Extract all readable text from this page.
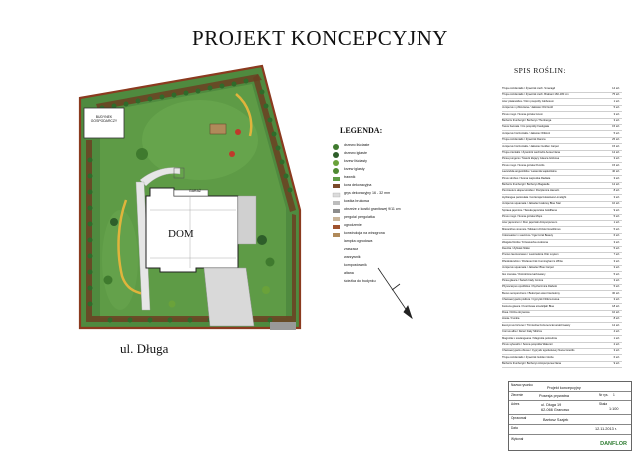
PROJEKT KONCEPCYJNY
BUDYNEK GOSPODARCZY
GARAŻ
DOM
ul. Długa
LEGENDA:
drzewo liściaste
drzewo iglaste
krzew liściasty
krzew iglasty
trawnik
kora dekoracyjna
grys dekoracyjny 16 - 32 mm
kostka brukowa
obrzeże z kostki granitowej 9/11 cm
pergola/ pergolatka
ogrodzenie
konstrukcja na winogrona
lampka ogrodowa
zraszacz
warzywnik
kompostownik
altana
ścieżka do budynku
SPIS ROŚLIN:
Thuja occidentalis / Żywotnik zach. Smaragd	14 szt.
Thuja occidentalis / Żywotnik zach. Brabant 160-180 cm	75 szt.
Acer platanoides / Klon pospolity Globosum	1 szt.
Juniperus x pfitzeriana / Jałowiec Old Gold	5 szt.
Pinus mugo / Sosna górska Gnom	3 szt.
Berberis thunbergii / Berberys Thunberga	3 szt.
Taxus baccata / Cis pospolity Fastigiata	15 szt.
Juniperus horizontalis / Jałowiec Wiltonii	5 szt.
Thuja occidentalis / Żywotnik Danica	25 szt.
Juniperus horizontalis / Jałowiec Golden Carpet	15 szt.
Thuja orientalis / Żywotnik wschodni Aurea Nana	12 szt.
Picea pungens / Świerk kłujący Glauca Globosa	3 szt.
Pinus mugo / Sosna górska Pumilio	15 szt.
Lavandula angustifolia / Lawenda wąskolistna	40 szt.
Pinus strobus / Sosna wejmutka Radiata	3 szt.
Berberis thunbergii / Berberys Bagatelle	12 szt.
Pennisetum alopecuroides / Rozplenica Hameln	8 szt.
Hydrangea paniculata / Hortensja bukietowa Limelight	3 szt.
Juniperus squamata / Jałowiec łuskowy Blue Star	10 szt.
Spiraea japonica / Tawuła japońska Goldflame	9 szt.
Pinus mugo / Sosna górska Mops	5 szt.
Acer japonicum / Klon japoński Atropurpureum	1 szt.
Miscanthus sinensis / Miskant chiński Gracillimus	5 szt.
Cotoneaster x suecicus / Irga Coral Beauty	6 szt.
Weigela florida / Krzewuszka cudowna	3 szt.
Deutzia / Żylistek Nikko	5 szt.
Prunus laurocerasus / Laurowiśnia Otto Luyken	7 szt.
Rhododendron / Różanecznik Cunningham's White	3 szt.
Juniperus squamata / Jałowiec Blue Carpet	3 szt.
Ilex crenata / Ostrokrzew karbowany	5 szt.
Picea glauca / Świerk biały Conica	3 szt.
Physocarpus opulifolius / Pęcherznica Diabolo	5 szt.
Buxus sempervirens / Bukszpan wieczniezielony	30 szt.
Chamaecyparis pisifera / Cyprysik Filifera Aurea	3 szt.
Festuca glauca / Kostrzewa sina Elijah Blue	18 szt.
Rosa / Róża okrywowa	10 szt.
Hosta / Funkia	8 szt.
Euonymus fortunei / Trzmielina Fortune'a Emerald Gaiety	12 szt.
Cornus alba / Dereń biały Sibirica	4 szt.
Magnolia x soulangeana / Magnolia pośrednia	1 szt.
Pinus sylvestris / Sosna pospolita Watereri	2 szt.
Chamaecyparis obtusa / Cyprysik tępołuskowy Nana Gracilis	3 szt.
Thuja occidentalis / Żywotnik Golden Globe	6 szt.
Berberis thunbergii / Berberys Atropurpurea Nana	9 szt.
Nazwa rysunku
Projekt koncepcyjny
Zlecenie	Posesja prywatna	Nr rys. 1
Adres	ul. Długa 19
62-066 Granowo
Skala
1:100
Opracował	Bartosz Szajek
Data	12.11.2013 r.
Wykonał
DANFLOR
